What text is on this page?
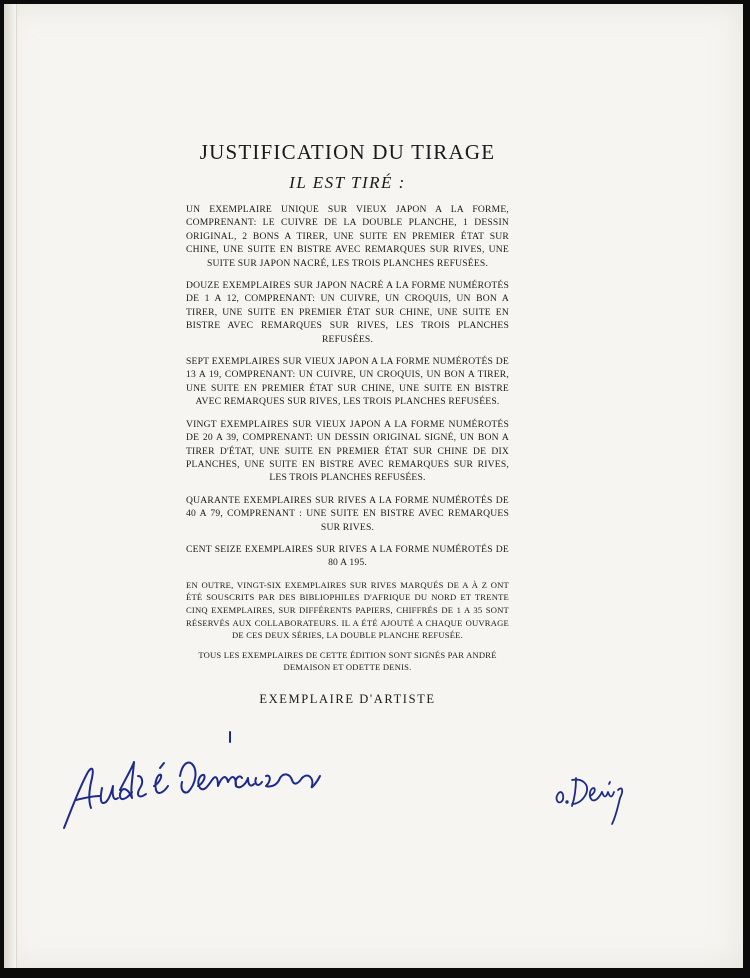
JUSTIFICATION DU TIRAGE
IL EST TIRÉ :

UN EXEMPLAIRE UNIQUE SUR VIEUX JAPON A LA FORME, COMPRENANT: LE CUIVRE DE LA DOUBLE PLANCHE, 1 DESSIN ORIGINAL, 2 BONS A TIRER, UNE SUITE EN PREMIER ÉTAT SUR CHINE, UNE SUITE EN BISTRE AVEC REMARQUES SUR RIVES, UNE SUITE SUR JAPON NACRÉ, LES TROIS PLANCHES REFUSÉES.

DOUZE EXEMPLAIRES SUR JAPON NACRÉ A LA FORME NUMÉROTÉS DE 1 A 12, COMPRENANT: UN CUIVRE, UN CROQUIS, UN BON A TIRER, UNE SUITE EN PREMIER ÉTAT SUR CHINE, UNE SUITE EN BISTRE AVEC REMARQUES SUR RIVES, LES TROIS PLANCHES REFUSÉES.

SEPT EXEMPLAIRES SUR VIEUX JAPON A LA FORME NUMÉROTÉS DE 13 A 19, COMPRENANT: UN CUIVRE, UN CROQUIS, UN BON A TIRER, UNE SUITE EN PREMIER ÉTAT SUR CHINE, UNE SUITE EN BISTRE AVEC REMARQUES SUR RIVES, LES TROIS PLANCHES REFUSÉES.

VINGT EXEMPLAIRES SUR VIEUX JAPON A LA FORME NUMÉROTÉS DE 20 A 39, COMPRENANT: UN DESSIN ORIGINAL SIGNÉ, UN BON A TIRER D'ÉTAT, UNE SUITE EN PREMIER ÉTAT SUR CHINE DE DIX PLANCHES, UNE SUITE EN BISTRE AVEC REMARQUES SUR RIVES, LES TROIS PLANCHES REFUSÉES.

QUARANTE EXEMPLAIRES SUR RIVES A LA FORME NUMÉROTÉS DE 40 A 79, COMPRENANT : UNE SUITE EN BISTRE AVEC REMARQUES SUR RIVES.

CENT SEIZE EXEMPLAIRES SUR RIVES A LA FORME NUMÉROTÉS DE 80 A 195.

EN OUTRE, VINGT-SIX EXEMPLAIRES SUR RIVES MARQUÉS DE A À Z ONT ÉTÉ SOUSCRITS PAR DES BIBLIOPHILES D'AFRIQUE DU NORD ET TRENTE CINQ EXEMPLAIRES, SUR DIFFÉRENTS PAPIERS, CHIFFRÉS DE 1 A 35 SONT RÉSERVÉS AUX COLLABORATEURS. IL A ÉTÉ AJOUTÉ A CHAQUE OUVRAGE DE CES DEUX SÉRIES, LA DOUBLE PLANCHE REFUSÉE.

TOUS LES EXEMPLAIRES DE CETTE ÉDITION SONT SIGNÉS PAR ANDRÉ DEMAISON ET ODETTE DENIS.

EXEMPLAIRE D'ARTISTE
